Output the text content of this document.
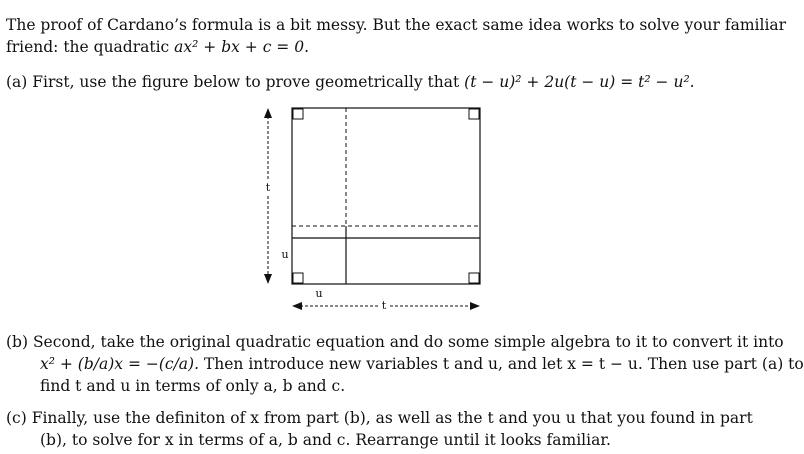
The proof of Cardano’s formula is a bit messy. But the exact same idea works to solve your familiar
friend: the quadratic ax² + bx + c = 0.
(a) First, use the figure below to prove geometrically that (t − u)² + 2u(t − u) = t² − u².
t
u
u
t
(b) Second, take the original quadratic equation and do some simple algebra to it to convert it into
x² + (b/a)x = −(c/a). Then introduce new variables t and u, and let x = t − u. Then use part (a) to
find t and u in terms of only a, b and c.
(c) Finally, use the definiton of x from part (b), as well as the t and you u that you found in part
(b), to solve for x in terms of a, b and c. Rearrange until it looks familiar.
